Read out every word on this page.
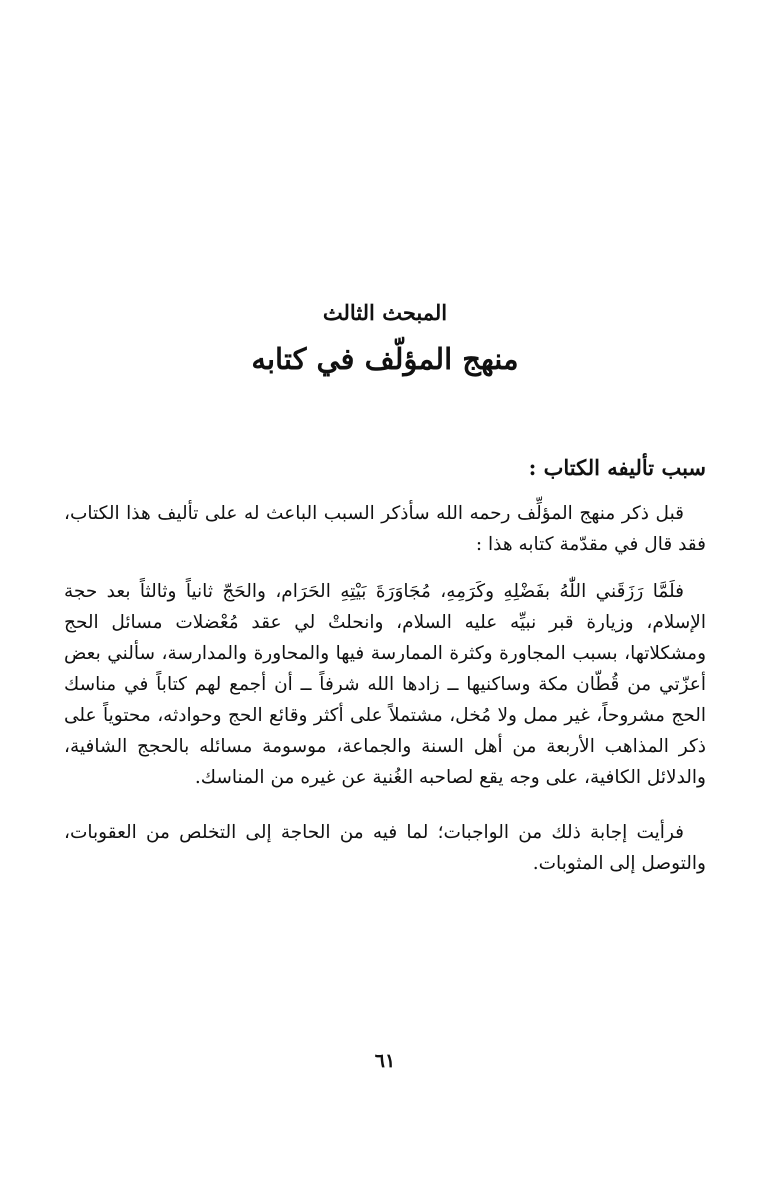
المبحث الثالث
منهج المؤلّف في كتابه
سبب تأليفه الكتاب :

قبل ذكر منهج المؤلِّف رحمه الله سأذكر السبب الباعث له على تأليف هذا الكتاب، فقد قال في مقدّمة كتابه هذا :

فلَمَّا رَزَقَني اللّٰهُ بفَضْلِهِ وكَرَمِهِ، مُجَاوَرَةَ بَيْتِهِ الحَرَام، والحَجّ ثانياً وثالثاً بعد حجة الإسلام، وزيارة قبر نبيِّه عليه السلام، وانحلتْ لي عقد مُعْضلات مسائل الحج ومشكلاتها، بسبب المجاورة وكثرة الممارسة فيها والمحاورة والمدارسة، سألني بعض أعزّتي من قُطّان مكة وساكنيها ــ زادها الله شرفاً ــ أن أجمع لهم كتاباً في مناسك الحج مشروحاً، غير ممل ولا مُخل، مشتملاً على أكثر وقائع الحج وحوادثه، محتوياً على ذكر المذاهب الأربعة من أهل السنة والجماعة، موسومة مسائله بالحجج الشافية، والدلائل الكافية، على وجه يقع لصاحبه الغُنية عن غيره من المناسك.

فرأيت إجابة ذلك من الواجبات؛ لما فيه من الحاجة إلى التخلص من العقوبات، والتوصل إلى المثوبات.

٦١
